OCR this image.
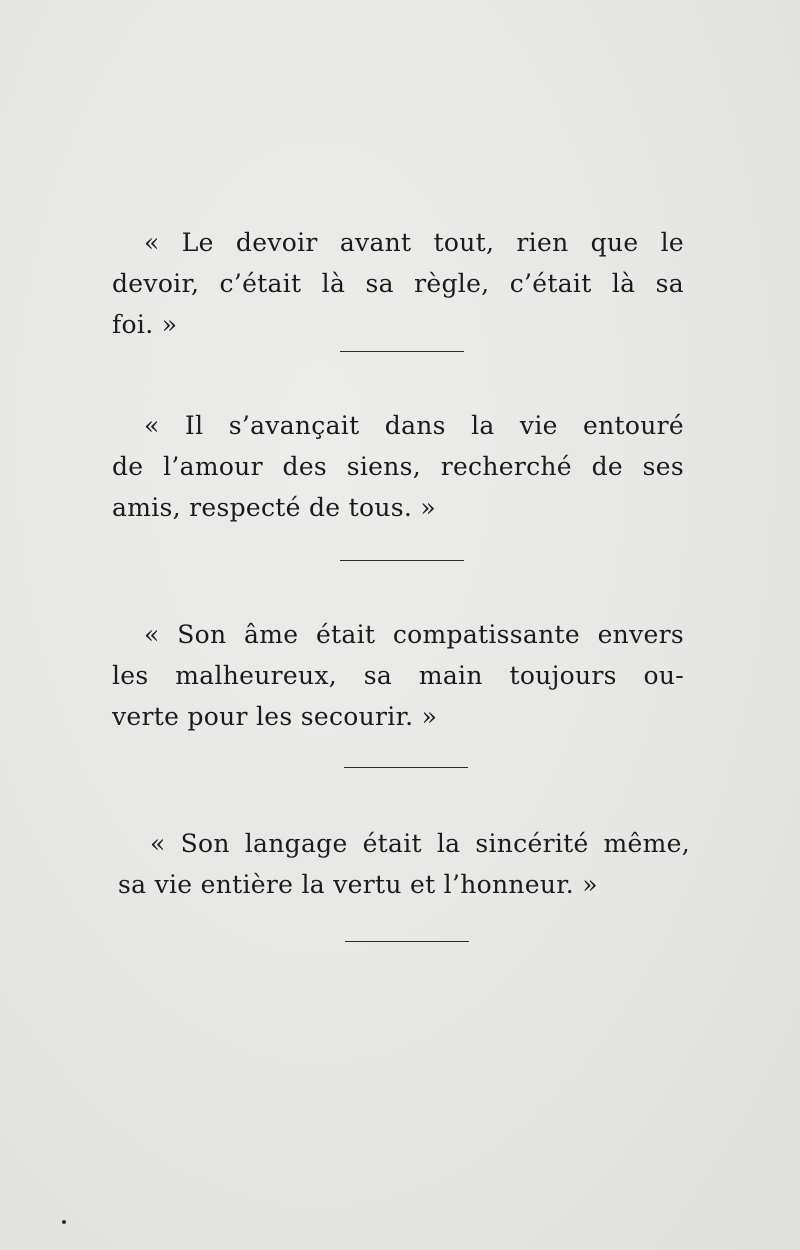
« Le devoir avant tout, rien que le
devoir, c’était là sa règle, c’était là sa
foi. »

« Il s’avançait dans la vie entouré
de l’amour des siens, recherché de ses
amis, respecté de tous. »

« Son âme était compatissante envers
les malheureux, sa main toujours ou-
verte pour les secourir. »

« Son langage était la sincérité même,
sa vie entière la vertu et l’honneur. »
